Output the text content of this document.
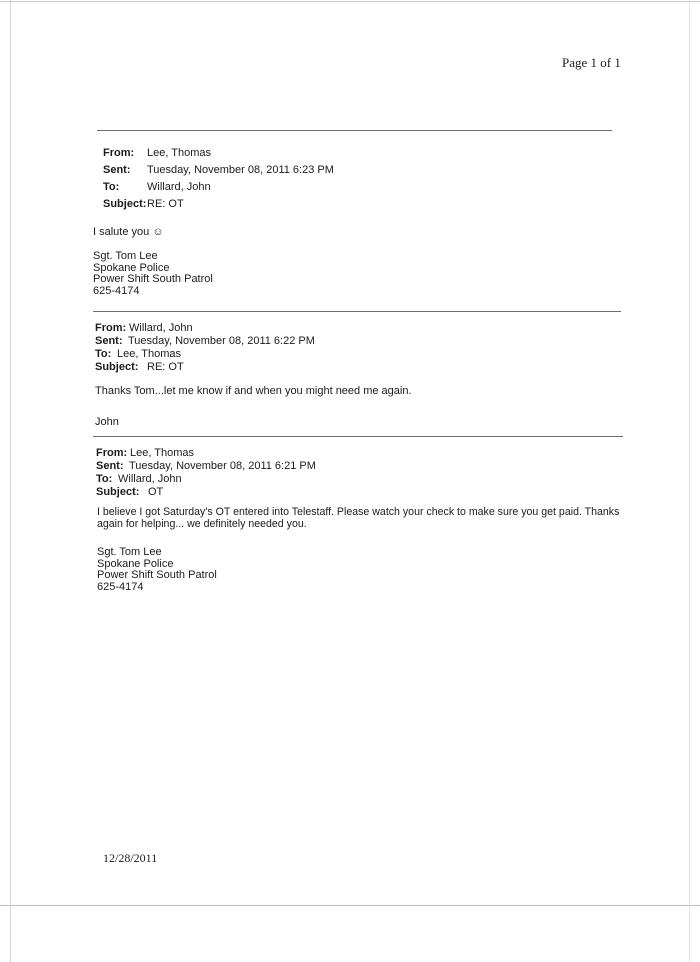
Page 1 of 1
From: Lee, Thomas
Sent: Tuesday, November 08, 2011 6:23 PM
To:	Willard, John
Subject: RE: OT
I salute you ☺
Sgt. Tom Lee
Spokane Police
Power Shift South Patrol
625-4174
From: Willard, John
Sent: Tuesday, November 08, 2011 6:22 PM
To: Lee, Thomas
Subject: RE: OT
Thanks Tom...let me know if and when you might need me again.
John
From: Lee, Thomas
Sent: Tuesday, November 08, 2011 6:21 PM
To: Willard, John
Subject: OT
I believe I got Saturday's OT entered into Telestaff. Please watch your check to make sure you get paid. Thanks
again for helping... we definitely needed you.
Sgt. Tom Lee
Spokane Police
Power Shift South Patrol
625-4174
12/28/2011
